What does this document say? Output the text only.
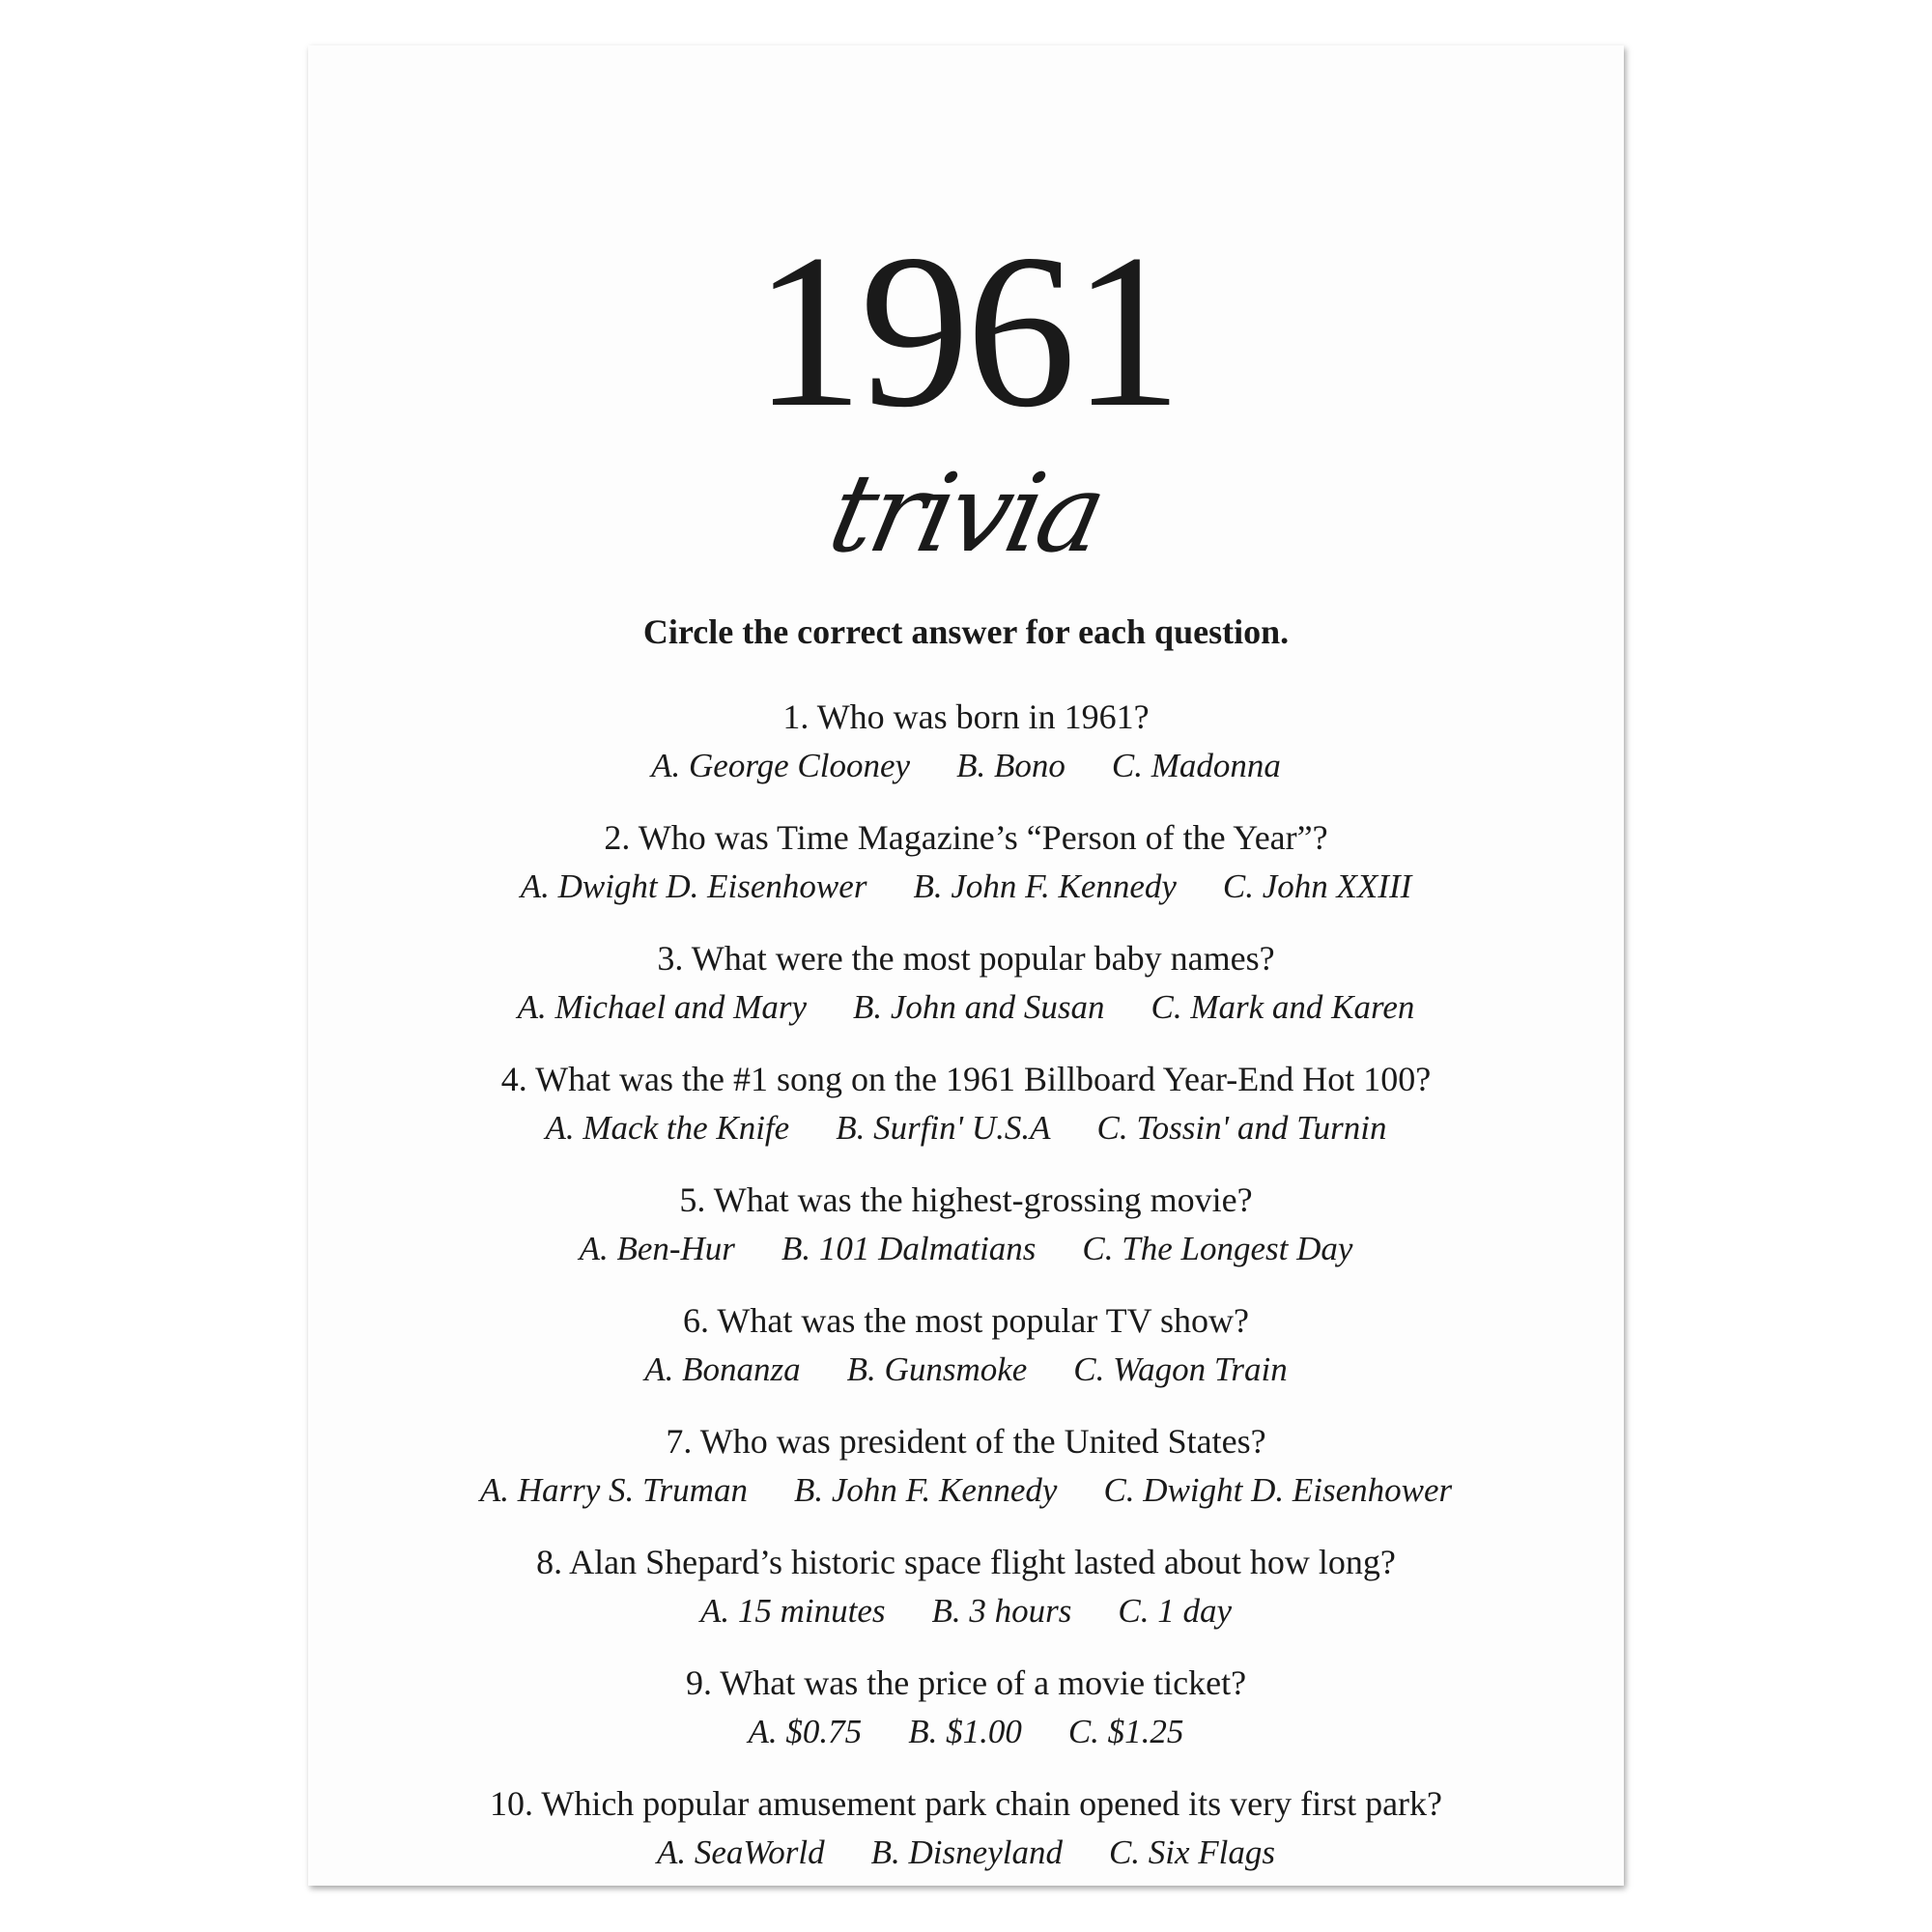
1961
trivia
Circle the correct answer for each question.
1. Who was born in 1961?
A. George Clooney B. Bono C. Madonna
2. Who was Time Magazine’s “Person of the Year”?
A. Dwight D. Eisenhower B. John F. Kennedy C. John XXIII
3. What were the most popular baby names?
A. Michael and Mary B. John and Susan C. Mark and Karen
4. What was the #1 song on the 1961 Billboard Year-End Hot 100?
A. Mack the Knife B. Surfin' U.S.A C. Tossin' and Turnin
5. What was the highest-grossing movie?
A. Ben-Hur B. 101 Dalmatians C. The Longest Day
6. What was the most popular TV show?
A. Bonanza B. Gunsmoke C. Wagon Train
7. Who was president of the United States?
A. Harry S. Truman B. John F. Kennedy C. Dwight D. Eisenhower
8. Alan Shepard’s historic space flight lasted about how long?
A. 15 minutes B. 3 hours C. 1 day
9. What was the price of a movie ticket?
A. $0.75 B. $1.00 C. $1.25
10. Which popular amusement park chain opened its very first park?
A. SeaWorld B. Disneyland C. Six Flags
